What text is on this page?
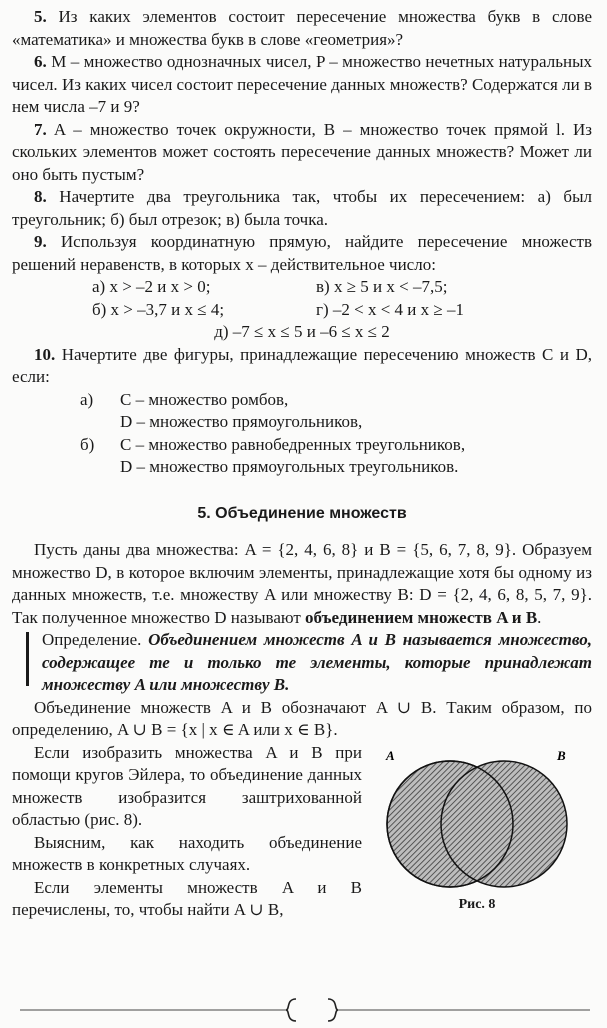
5. Из каких элементов состоит пересечение множества букв в слове «математика» и множества букв в слове «геометрия»?

6. M – множество однозначных чисел, P – множество нечетных натуральных чисел. Из каких чисел состоит пересечение данных множеств? Содержатся ли в нем числа –7 и 9?

7. A – множество точек окружности, B – множество точек прямой l. Из скольких элементов может состоять пересечение данных множеств? Может ли оно быть пустым?

8. Начертите два треугольника так, чтобы их пересечением: а) был треугольник; б) был отрезок; в) была точка.

9. Используя координатную прямую, найдите пересечение множеств решений неравенств, в которых x – действительное число:

а) x > –2 и x > 0;	в) x ≥ 5 и x < –7,5;
б) x > –3,7 и x ≤ 4;	г) –2 < x < 4 и x ≥ –1
д) –7 ≤ x ≤ 5 и –6 ≤ x ≤ 2

10. Начертите две фигуры, принадлежащие пересечению множеств C и D, если:

а)	C – множество ромбов,
D – множество прямоугольников,
б)	C – множество равнобедренных треугольников,
D – множество прямоугольных треугольников.
5. Объединение множеств

Пусть даны два множества: A = {2, 4, 6, 8} и B = {5, 6, 7, 8, 9}. Образуем множество D, в которое включим элементы, принадлежащие хотя бы одному из данных множеств, т.е. множеству A или множеству B: D = {2, 4, 6, 8, 5, 7, 9}. Так полученное множество D называют объединением множеств A и B.

Определение. Объединением множеств A и B называется множество, содержащее те и только те элементы, которые принадлежат множеству A или множеству B.

Объединение множеств A и B обозначают A ∪ B. Таким образом, по определению, A ∪ B = {x | x ∈ A или x ∈ B}.

Если изобразить множества A и B при помощи кругов Эйлера, то объединение данных множеств изобразится заштрихованной областью (рис. 8).

Выясним, как находить объединение множеств в конкретных случаях.

Если элементы множеств A и B перечислены, то, чтобы найти A ∪ B,

A	B
Рис. 8
